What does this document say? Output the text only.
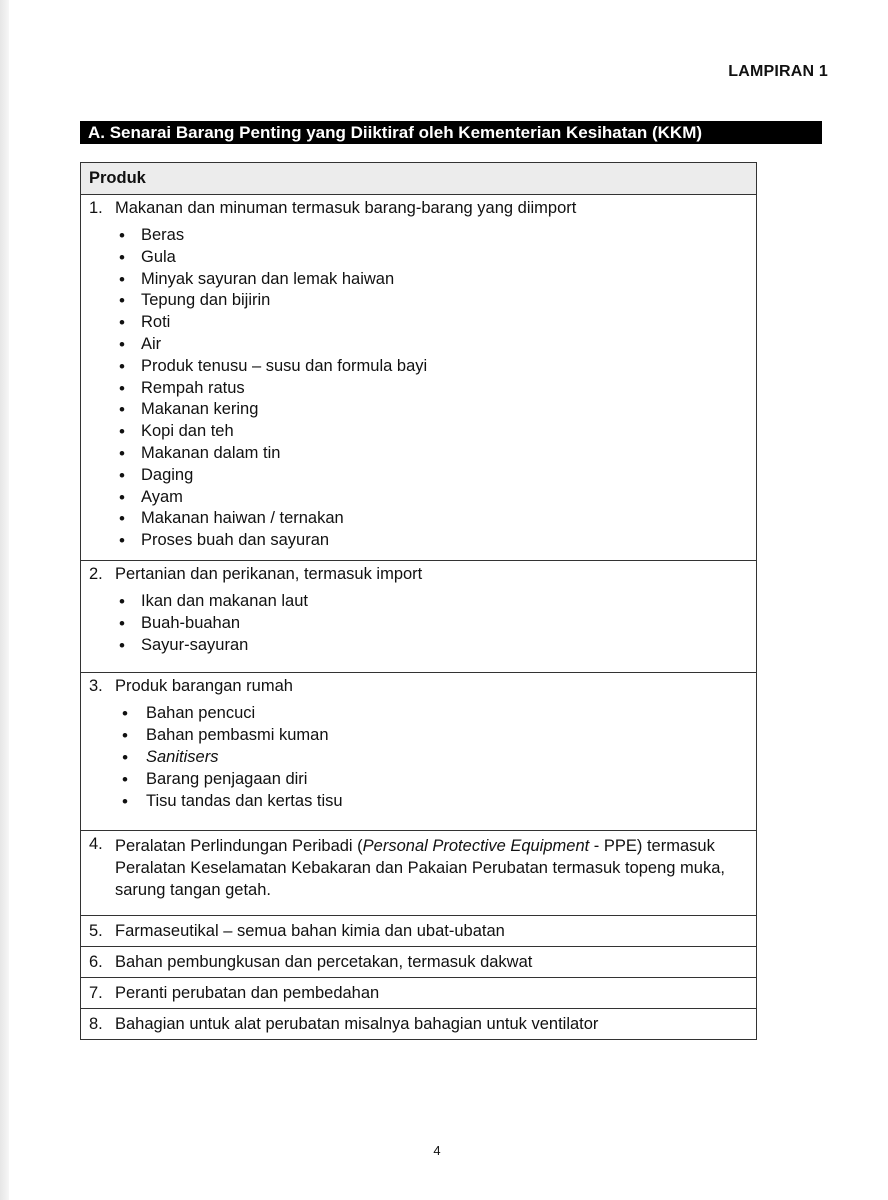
LAMPIRAN 1
A. Senarai Barang Penting yang Diiktiraf oleh Kementerian Kesihatan (KKM)
Produk

1. Makanan dan minuman termasuk barang-barang yang diimport
• Beras
• Gula
• Minyak sayuran dan lemak haiwan
• Tepung dan bijirin
• Roti
• Air
• Produk tenusu – susu dan formula bayi
• Rempah ratus
• Makanan kering
• Kopi dan teh
• Makanan dalam tin
• Daging
• Ayam
• Makanan haiwan / ternakan
• Proses buah dan sayuran

2. Pertanian dan perikanan, termasuk import
• Ikan dan makanan laut
• Buah-buahan
• Sayur-sayuran

3. Produk barangan rumah
• Bahan pencuci
• Bahan pembasmi kuman
• Sanitisers
• Barang penjagaan diri
• Tisu tandas dan kertas tisu

4. Peralatan Perlindungan Peribadi (Personal Protective Equipment - PPE) termasuk Peralatan Keselamatan Kebakaran dan Pakaian Perubatan termasuk topeng muka, sarung tangan getah.

5. Farmaseutikal – semua bahan kimia dan ubat-ubatan
6. Bahan pembungkusan dan percetakan, termasuk dakwat
7. Peranti perubatan dan pembedahan
8. Bahagian untuk alat perubatan misalnya bahagian untuk ventilator
4
